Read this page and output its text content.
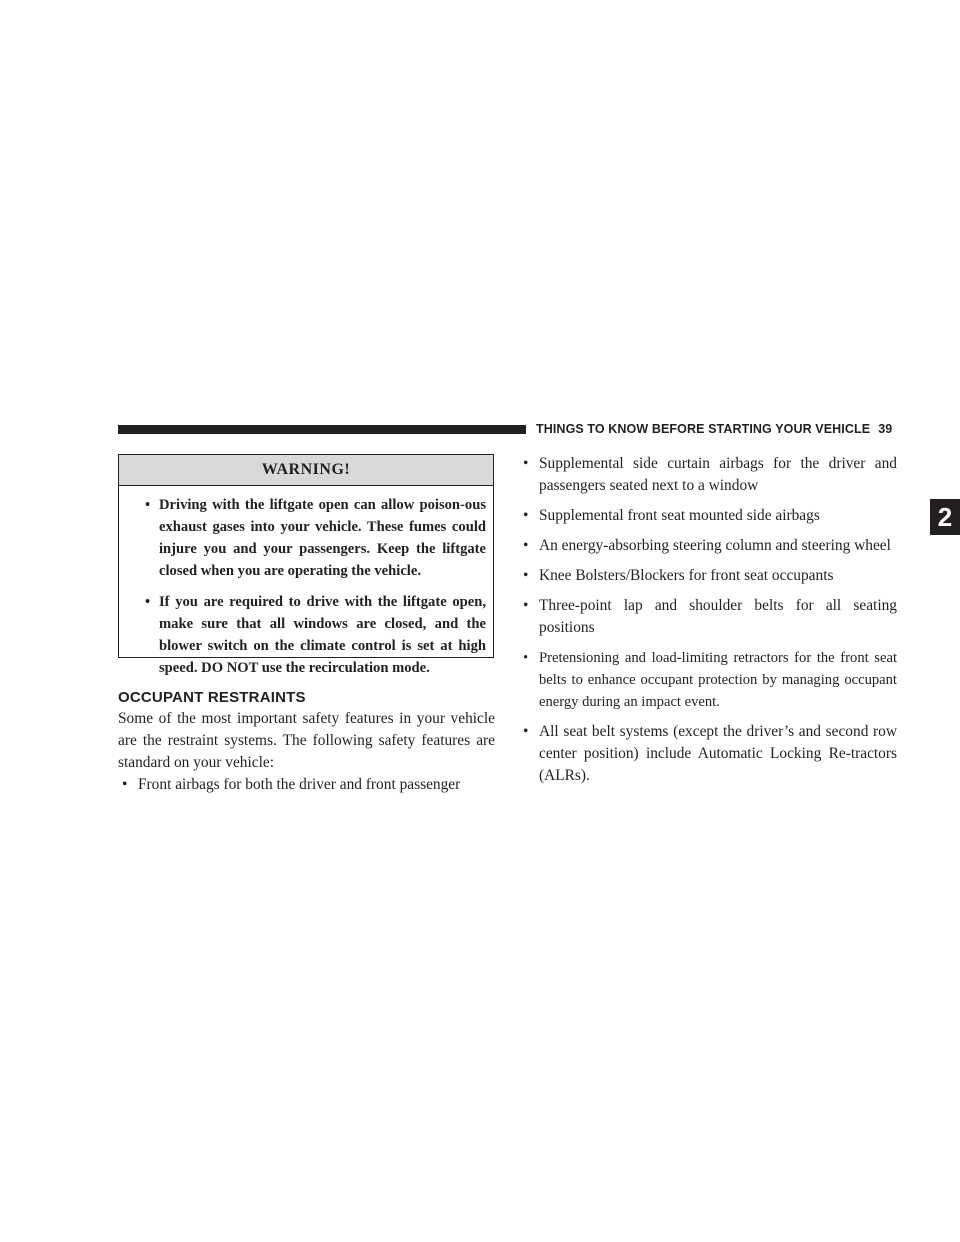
THINGS TO KNOW BEFORE STARTING YOUR VEHICLE 39
2
WARNING!
• Driving with the liftgate open can allow poison-ous exhaust gases into your vehicle. These fumes could injure you and your passengers. Keep the liftgate closed when you are operating the vehicle.
• If you are required to drive with the liftgate open, make sure that all windows are closed, and the blower switch on the climate control is set at high speed. DO NOT use the recirculation mode.
OCCUPANT RESTRAINTS

Some of the most important safety features in your vehicle are the restraint systems. The following safety features are standard on your vehicle:

• Front airbags for both the driver and front passenger
• Supplemental side curtain airbags for the driver and passengers seated next to a window
• Supplemental front seat mounted side airbags
• An energy-absorbing steering column and steering wheel
• Knee Bolsters/Blockers for front seat occupants
• Three-point lap and shoulder belts for all seating positions
• Pretensioning and load-limiting retractors for the front seat belts to enhance occupant protection by managing occupant energy during an impact event.
• All seat belt systems (except the driver’s and second row center position) include Automatic Locking Re-tractors (ALRs).
